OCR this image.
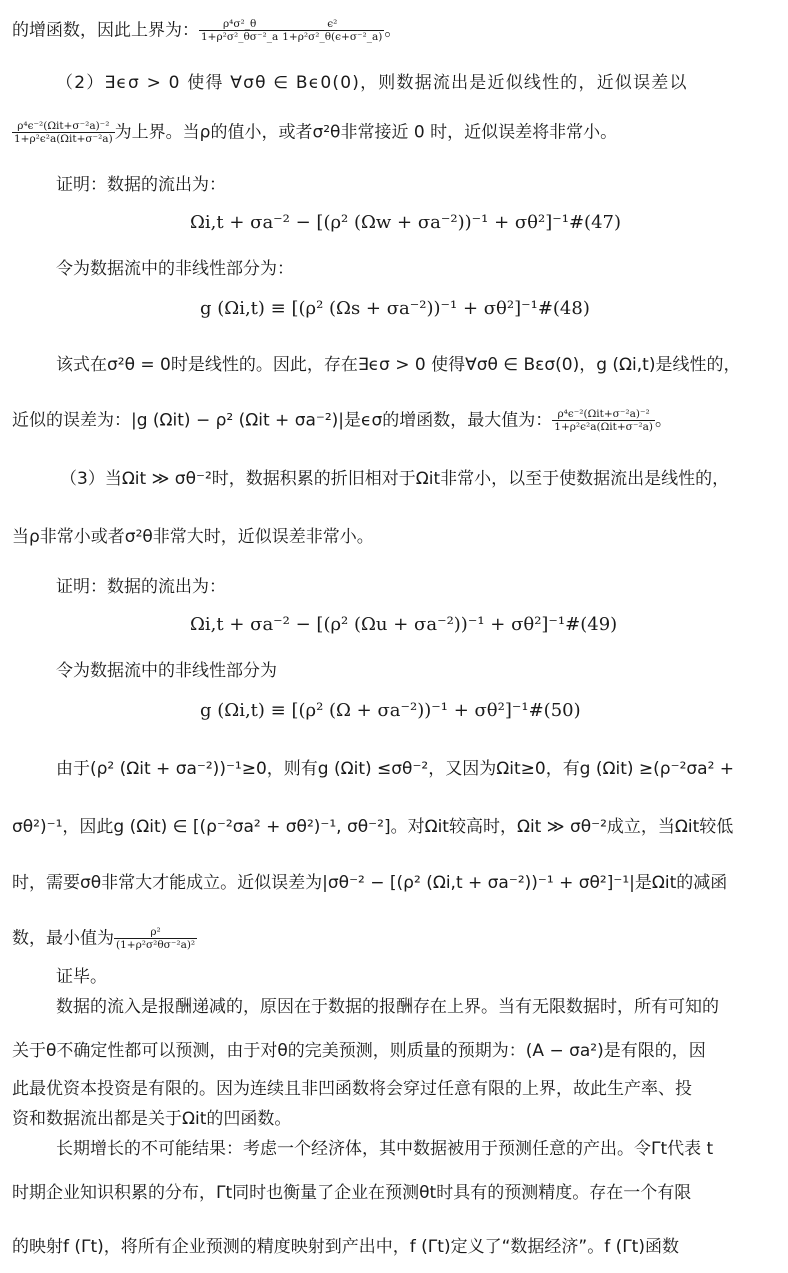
的增函数，因此上界为： $\frac{\text{ρ⁴σ²\_θ}}{\text{1+ρ²σ²\_θσ⁻²\_a}} \frac{\text{ϵ²}}{\text{1+ρ²σ²\_θ(ϵ+σ⁻²\_a)}}$ 。
（2）∃ϵσ > 0 使得 ∀σθ ∈ Bϵ0(0)，则数据流出是近似线性的，近似误差以
$\frac{\text{ρ⁴ϵ⁻²(Ωit+σ⁻²a)⁻²}}{\text{1+ρ²ϵ²a(Ωit+σ⁻²a)}}$ 为上界。当ρ的值小，或者σ²θ非常接近 0 时，近似误差将非常小。
证明：数据的流出为：
Ωi,t + σa⁻² − [(ρ² (Ωw + σa⁻²))⁻¹ + σθ²]⁻¹#(47)
令为数据流中的非线性部分为：
g (Ωi,t) ≡ [(ρ² (Ωs + σa⁻²))⁻¹ + σθ²]⁻¹#(48)
该式在σ²θ = 0时是线性的。因此，存在∃ϵσ > 0 使得∀σθ ∈ Bεσ(0)，g (Ωi,t)是线性的，
近似的误差为：|g (Ωit) − ρ² (Ωit + σa⁻²)|是ϵσ的增函数，最大值为： $\frac{\text{ρ⁴ϵ⁻²(Ωit+σ⁻²a)⁻²}}{\text{1+ρ²ϵ²a(Ωit+σ⁻²a)}}$ 。
（3）当Ωit ≫ σθ⁻²时，数据积累的折旧相对于Ωit非常小，以至于使数据流出是线性的，
当ρ非常小或者σ²θ非常大时，近似误差非常小。
证明：数据的流出为：
Ωi,t + σa⁻² − [(ρ² (Ωu + σa⁻²))⁻¹ + σθ²]⁻¹#(49)
令为数据流中的非线性部分为
g (Ωi,t) ≡ [(ρ² (Ω + σa⁻²))⁻¹ + σθ²]⁻¹#(50)
由于(ρ² (Ωit + σa⁻²))⁻¹≥0，则有g (Ωit) ≤σθ⁻²，又因为Ωit≥0，有g (Ωit) ≥(ρ⁻²σa² +
σθ²)⁻¹，因此g (Ωit) ∈ [(ρ⁻²σa² + σθ²)⁻¹, σθ⁻²]。对Ωit较高时，Ωit ≫ σθ⁻²成立，当Ωit较低
时，需要σθ非常大才能成立。近似误差为|σθ⁻² − [(ρ² (Ωi,t + σa⁻²))⁻¹ + σθ²]⁻¹|是Ωit的减函
数，最小值为 $\frac{\text{ρ²}}{\text{(1+ρ²σ²θσ⁻²a)²}}$
证毕。
数据的流入是报酬递减的，原因在于数据的报酬存在上界。当有无限数据时，所有可知的
关于θ不确定性都可以预测，由于对θ的完美预测，则质量的预期为：(A − σa²)是有限的，因
此最优资本投资是有限的。因为连续且非凹函数将会穿过任意有限的上界，故此生产率、投
资和数据流出都是关于Ωit的凹函数。
长期增长的不可能结果：考虑一个经济体，其中数据被用于预测任意的产出。令Γt代表 t
时期企业知识积累的分布，Γt同时也衡量了企业在预测θt时具有的预测精度。存在一个有限
的映射f (Γt)，将所有企业预测的精度映射到产出中，f (Γt)定义了“数据经济”。f (Γt)函数
